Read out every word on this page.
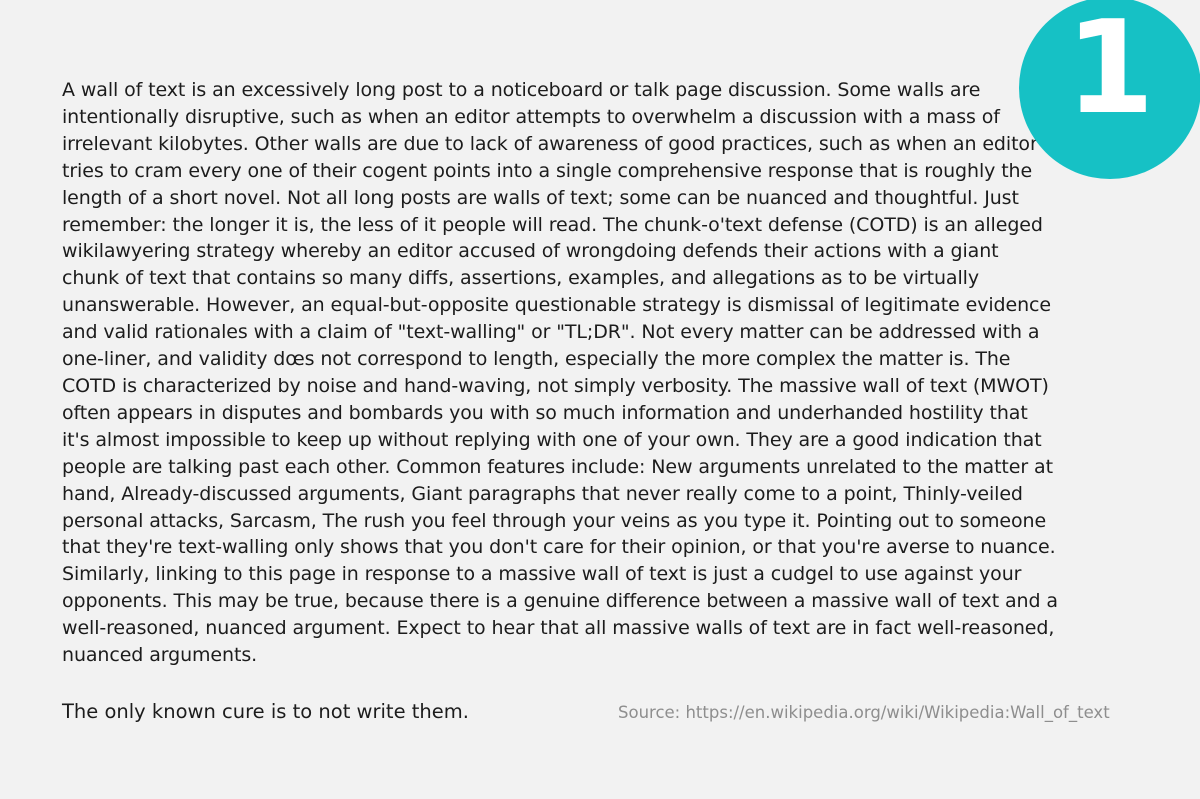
1

A wall of text is an excessively long post to a noticeboard or talk page discussion. Some walls are
intentionally disruptive, such as when an editor attempts to overwhelm a discussion with a mass of
irrelevant kilobytes. Other walls are due to lack of awareness of good practices, such as when an editor
tries to cram every one of their cogent points into a single comprehensive response that is roughly the
length of a short novel. Not all long posts are walls of text; some can be nuanced and thoughtful. Just
remember: the longer it is, the less of it people will read. The chunk-o'text defense (COTD) is an alleged
wikilawyering strategy whereby an editor accused of wrongdoing defends their actions with a giant
chunk of text that contains so many diffs, assertions, examples, and allegations as to be virtually
unanswerable. However, an equal-but-opposite questionable strategy is dismissal of legitimate evidence
and valid rationales with a claim of "text-walling" or "TL;DR". Not every matter can be addressed with a
one-liner, and validity dœs not correspond to length, especially the more complex the matter is. The
COTD is characterized by noise and hand-waving, not simply verbosity. The massive wall of text (MWOT)
often appears in disputes and bombards you with so much information and underhanded hostility that
it's almost impossible to keep up without replying with one of your own. They are a good indication that
people are talking past each other. Common features include: New arguments unrelated to the matter at
hand, Already-discussed arguments, Giant paragraphs that never really come to a point, Thinly-veiled
personal attacks, Sarcasm, The rush you feel through your veins as you type it. Pointing out to someone
that they're text-walling only shows that you don't care for their opinion, or that you're averse to nuance.
Similarly, linking to this page in response to a massive wall of text is just a cudgel to use against your
opponents. This may be true, because there is a genuine difference between a massive wall of text and a
well-reasoned, nuanced argument. Expect to hear that all massive walls of text are in fact well-reasoned,
nuanced arguments.

The only known cure is to not write them.	Source: https://en.wikipedia.org/wiki/Wikipedia:Wall_of_text
